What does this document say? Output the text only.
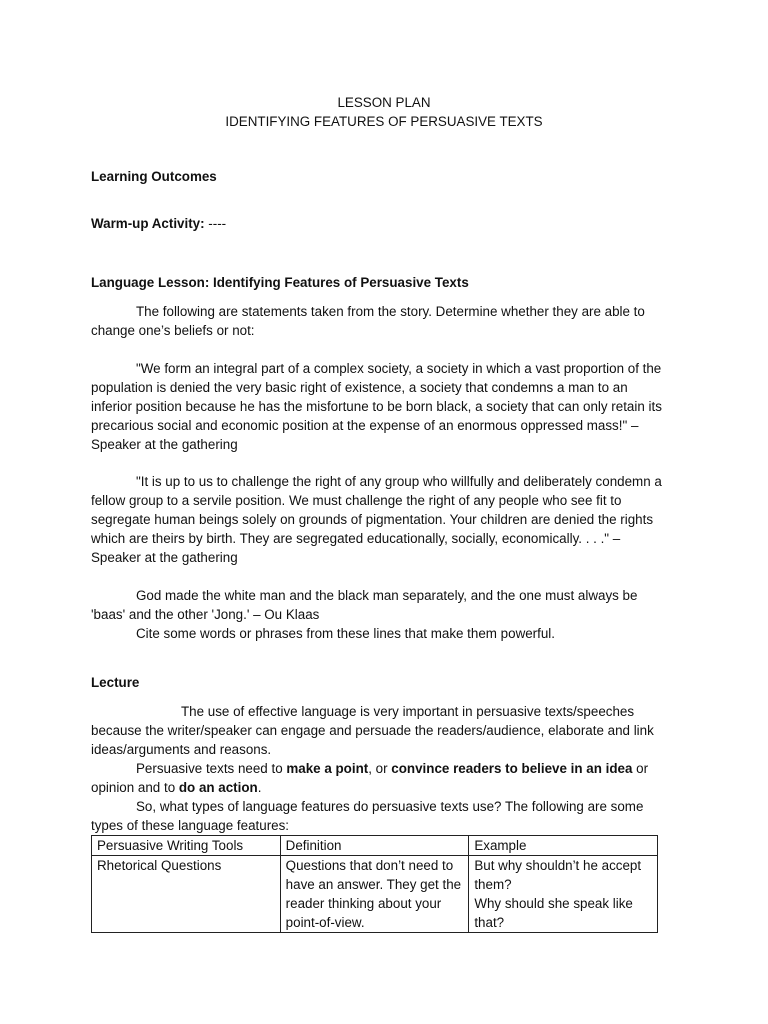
LESSON PLAN
IDENTIFYING FEATURES OF PERSUASIVE TEXTS
Learning Outcomes
Warm-up Activity: ----
Language Lesson: Identifying Features of Persuasive Texts
The following are statements taken from the story. Determine whether they are able to change one’s beliefs or not:
"We form an integral part of a complex society, a society in which a vast proportion of the population is denied the very basic right of existence, a society that condemns a man to an inferior position because he has the misfortune to be born black, a society that can only retain its precarious social and economic position at the expense of an enormous oppressed mass!" – Speaker at the gathering
"It is up to us to challenge the right of any group who willfully and deliberately condemn a fellow group to a servile position. We must challenge the right of any people who see fit to segregate human beings solely on grounds of pigmentation. Your children are denied the rights which are theirs by birth. They are segregated educationally, socially, economically. . . ." – Speaker at the gathering
God made the white man and the black man separately, and the one must always be 'baas' and the other 'Jong.' – Ou Klaas
Cite some words or phrases from these lines that make them powerful.
Lecture
The use of effective language is very important in persuasive texts/speeches because the writer/speaker can engage and persuade the readers/audience, elaborate and link ideas/arguments and reasons.
Persuasive texts need to make a point, or convince readers to believe in an idea or opinion and to do an action.
So, what types of language features do persuasive texts use? The following are some types of these language features:
Persuasive Writing Tools	Definition	Example
Rhetorical Questions	Questions that don’t need to have an answer. They get the reader thinking about your point-of-view.	But why shouldn’t he accept them?
Why should she speak like that?
